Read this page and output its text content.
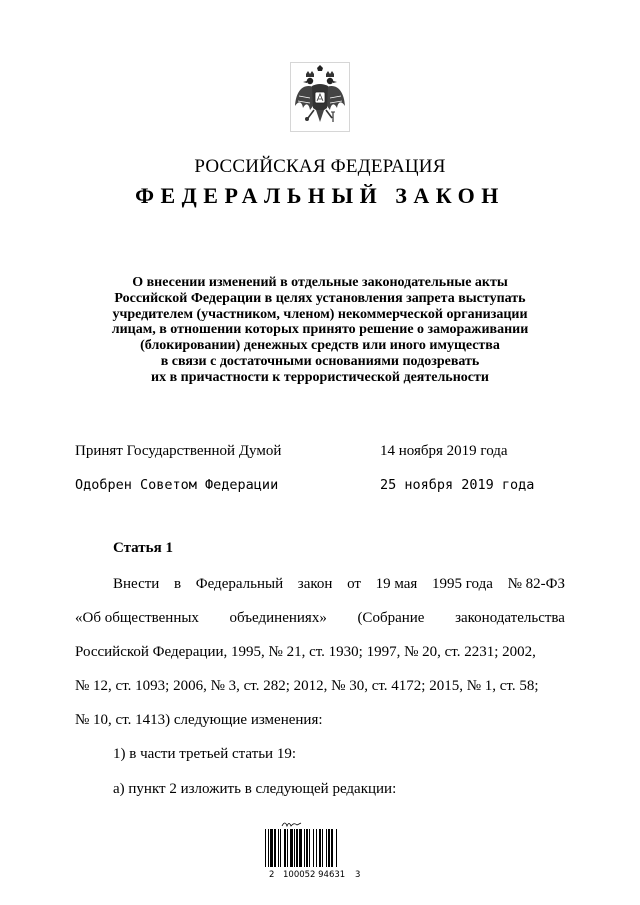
РОССИЙСКАЯ ФЕДЕРАЦИЯ
ФЕДЕРАЛЬНЫЙ ЗАКОН
О внесении изменений в отдельные законодательные акты
Российской Федерации в целях установления запрета выступать
учредителем (участником, членом) некоммерческой организации
лицам, в отношении которых принято решение о замораживании
(блокировании) денежных средств или иного имущества
в связи с достаточными основаниями подозревать
их в причастности к террористической деятельности
Принят Государственной Думой	14 ноября 2019 года
Одобрен Советом Федерации	25 ноября 2019 года
Статья 1
Внести в Федеральный закон от 19 мая 1995 года № 82-ФЗ
«Об общественных объединениях» (Собрание законодательства
Российской Федерации, 1995, № 21, ст. 1930; 1997, № 20, ст. 2231; 2002,
№ 12, ст. 1093; 2006, № 3, ст. 282; 2012, № 30, ст. 4172; 2015, № 1, ст. 58;
№ 10, ст. 1413) следующие изменения:
1) в части третьей статьи 19:
а) пункт 2 изложить в следующей редакции:
2 100052 94631 3
